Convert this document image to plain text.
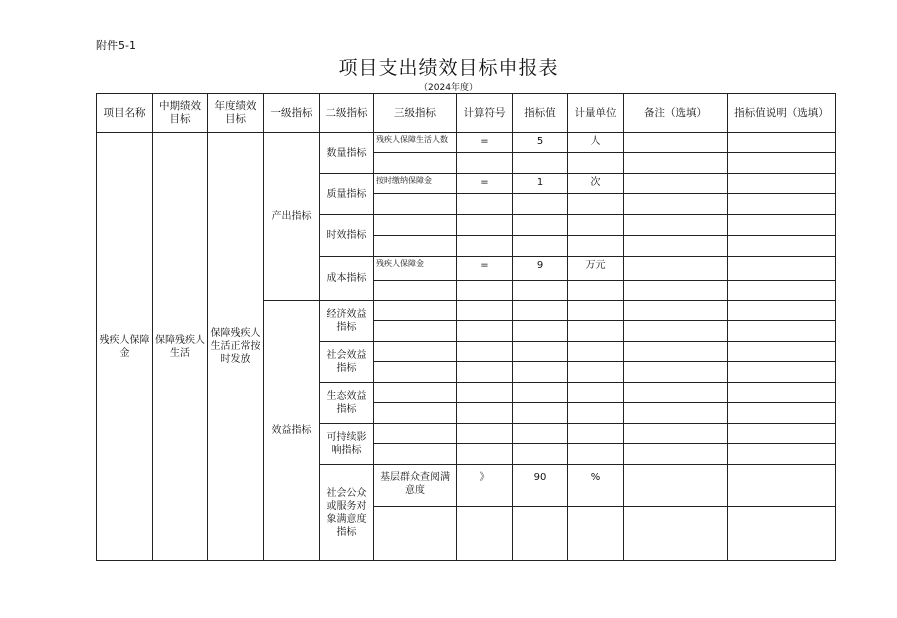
附件5-1
项目支出绩效目标申报表
（2024年度）
项目名称	中期绩效目标	年度绩效目标	一级指标	二级指标	三级指标	计算符号	指标值	计量单位	备注（选填）	指标值说明（选填）
残疾人保障金	保障残疾人生活	保障残疾人生活正常按时发放	产出指标	数量指标	残疾人保障生活人数	=	5	人		

				质量指标	按时缴纳保障金	=	1	次		

				时效指标						

				成本指标	残疾人保障金	=	9	万元		

			效益指标	经济效益指标						

				社会效益指标						

				生态效益指标						

				可持续影响指标						

				社会公众或服务对象满意度指标	基层群众查阅满意度	》	90	%		
